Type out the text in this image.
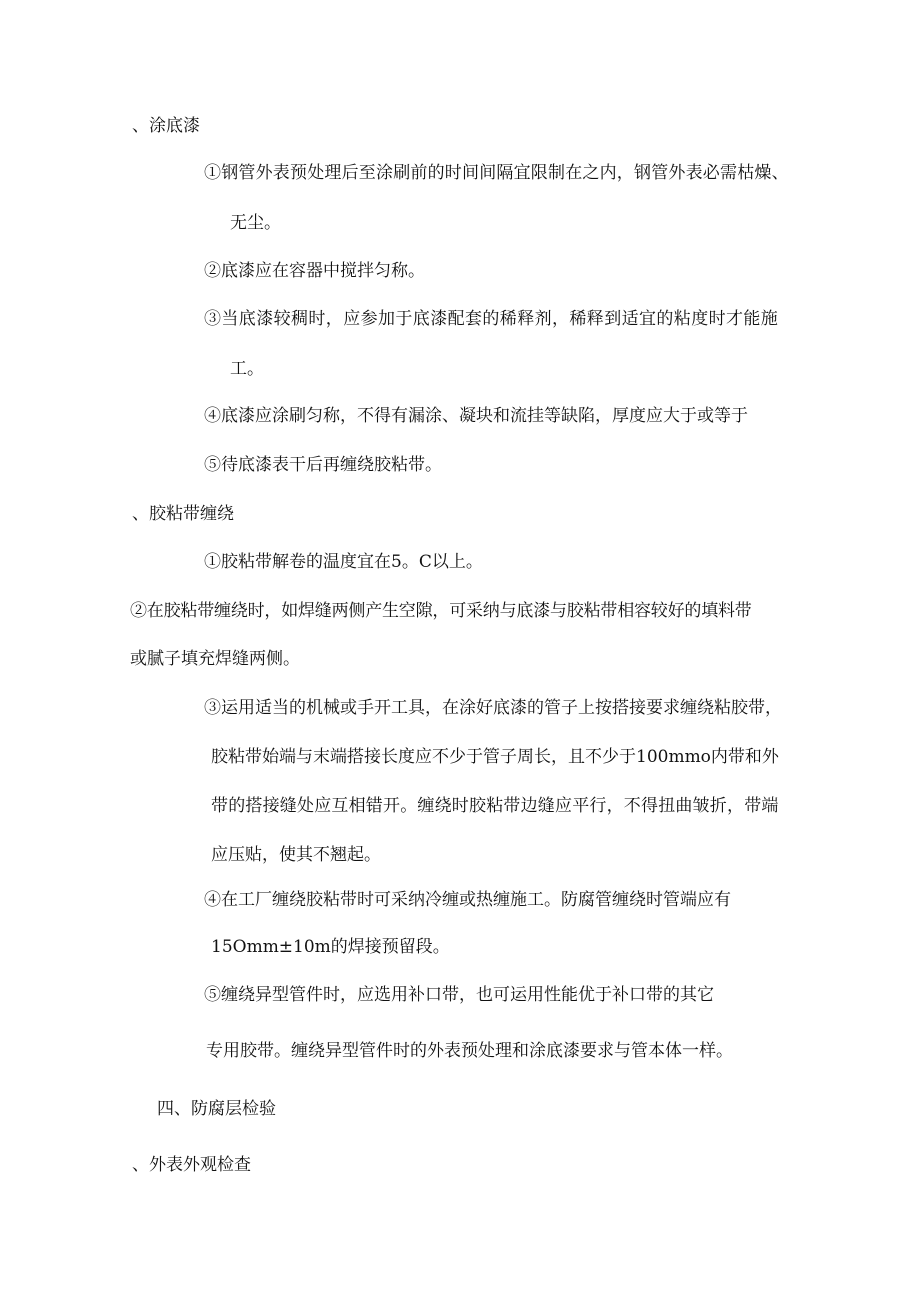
、涂底漆
①钢管外表预处理后至涂刷前的时间间隔宜限制在之内，钢管外表必需枯燥、
无尘。
②底漆应在容器中搅拌匀称。
③当底漆较稠时，应参加于底漆配套的稀释剂，稀释到适宜的粘度时才能施
工。
④底漆应涂刷匀称，不得有漏涂、凝块和流挂等缺陷，厚度应大于或等于
⑤待底漆表干后再缠绕胶粘带。
、胶粘带缠绕
①胶粘带解卷的温度宜在5。C以上。
②在胶粘带缠绕时，如焊缝两侧产生空隙，可采纳与底漆与胶粘带相容较好的填料带
或腻子填充焊缝两侧。
③运用适当的机械或手开工具，在涂好底漆的管子上按搭接要求缠绕粘胶带，
胶粘带始端与末端搭接长度应不少于管子周长，且不少于100mmo内带和外
带的搭接缝处应互相错开。缠绕时胶粘带边缝应平行，不得扭曲皱折，带端
应压贴，使其不翘起。
④在工厂缠绕胶粘带时可采纳冷缠或热缠施工。防腐管缠绕时管端应有
15Omm±10m的焊接预留段。
⑤缠绕异型管件时，应选用补口带，也可运用性能优于补口带的其它
专用胶带。缠绕异型管件时的外表预处理和涂底漆要求与管本体一样。
四、防腐层检验
、外表外观检查
